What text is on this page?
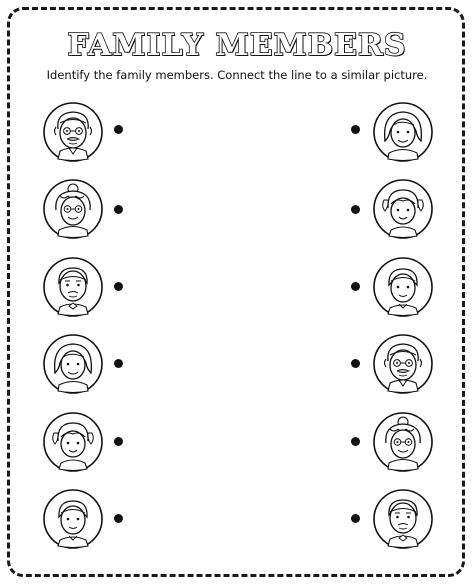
FAMILY MEMBERS
Identify the family members. Connect the line to a similar picture.
